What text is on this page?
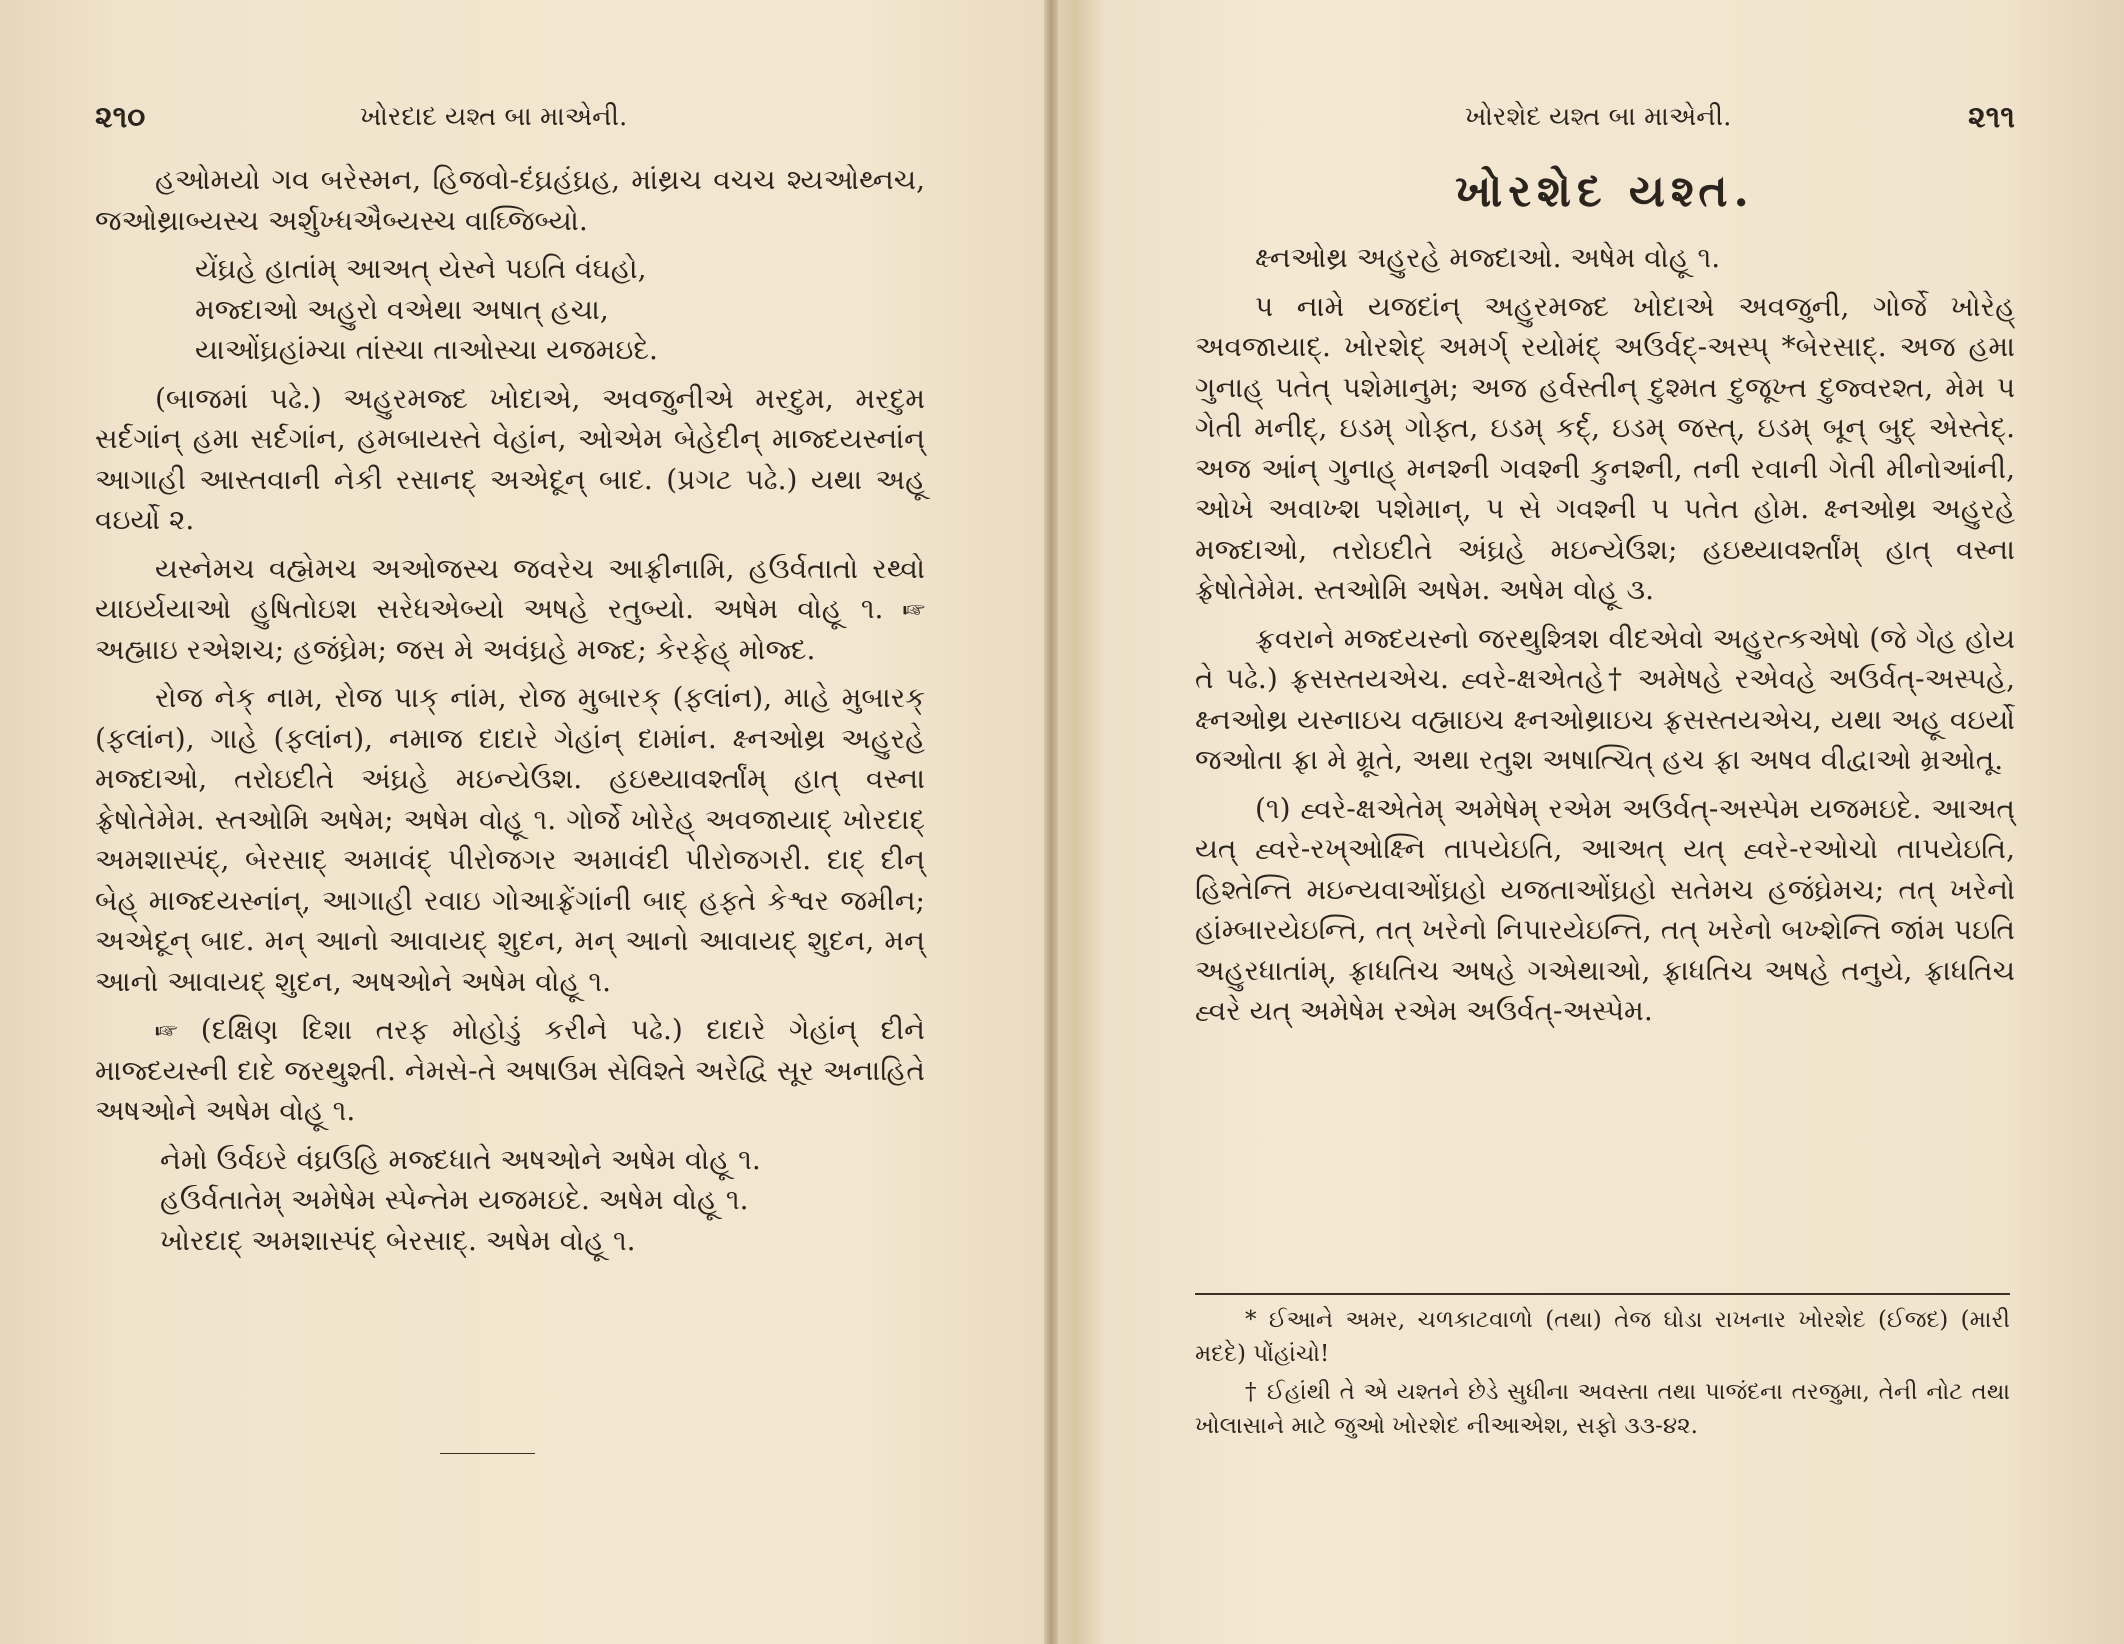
૨૧૦	ખોરદાદ યશ્ત બા માએની.

હઓમયો ગવ બરેસ્મન, હિજવો-દંઘ્રહંઘ્રહ, માંથ્રચ વચચ શ્યઓથ્નચ, જઓથ્રાબ્યસ્ચ અર્શુખ્ધઐબ્યસ્ચ વાઘ્જિબ્યો.

યેંઘ્રહે હાતાંમ્ આઅત્ યેસ્ને પઇતિ વંઘહો,

મજ્દાઓ અહુરો વએથા અષાત્ હચા,

યાઓંઘ્રહાંમ્ચા તાંસ્ચા તાઓસ્ચા યજમઇદે.

(બાજમાં પઢે.) અહુરમજ્દ ખોદાએ, અવજુનીએ મરદુમ, મરદુમ સર્દગાંન્ હમા સર્દગાંન, હમબાયસ્તે વેહાંન, ઓએમ બેહેદીન્ માજ્દયસ્નાંન્ આગાહી આસ્તવાની નેકી રસાનદ્ અએદૂન્ બાદ. (પ્રગટ પઢે.) યથા અહૂ વઇર્યો ૨.

યસ્નેમચ વહ્મેમચ અઓજસ્ચ જવરેચ આફ્રીનામિ, હઉર્વતાતો રથ્વો યાઇર્યયાઓ હુષિતોઇશ સરેધએબ્યો અષહે રતુબ્યો. અષેમ વોહૂ ૧. ☞ અહ્માઇ રએશચ; હજંઘ્રેમ; જસ મે અવંઘ્રહે મજ્દ; કેરફેહ્ મોજ્દ.

રોજ નેક્ નામ, રોજ પાક્ નાંમ, રોજ મુબારક્ (ફલાંન), માહે મુબારક્ (ફલાંન), ગાહે (ફલાંન), નમાજ દાદારે ગેહાંન્ દામાંન. ક્ષ્નઓથ્ર અહુરહે મજ્દાઓ, તરોઇદીતે અંઘ્રહે મઇન્યેઉશ. હઇથ્યાવર્શ્તાંમ્ હાત્ વસ્ના ફ્રેષોતેમેમ. સ્તઓમિ અષેમ; અષેમ વોહૂ ૧. ગોર્જે ખોરેહ્ અવજાયાદ્ ખોરદાદ્ અમશાસ્પંદ્, બેરસાદ્ અમાવંદ્ પીરોજગર અમાવંદી પીરોજગરી. દાદ્ દીન્ બેહ્ માજ્દયસ્નાંન્, આગાહી રવાઇ ગોઆફ્રેંગાંની બાદ્ હફ્તે કેશ્વર જમીન; અએદૂન્ બાદ. મન્ આનો આવાયદ્ શુદન, મન્ આનો આવાયદ્ શુદન, મન્ આનો આવાયદ્ શુદન, અષઓને અષેમ વોહૂ ૧.

☞ (દક્ષિણ દિશા તરફ મોહોડું કરીને પઢે.) દાદારે ગેહાંન્ દીને માજ્દયસ્ની દાદે જરથુશ્તી. નેમસે-તે અષાઉમ સેવિશ્તે અરેદ્વિ સૂર અનાહિતે અષઓને અષેમ વોહૂ ૧.

નેમો ઉર્વઇરે વંઘ્રઉહિ મજ્દધાતે અષઓને અષેમ વોહૂ ૧.

હઉર્વતાતેમ્ અમેષેમ સ્પેન્તેમ યજમઇદે. અષેમ વોહૂ ૧.

ખોરદાદ્ અમશાસ્પંદ્ બેરસાદ્. અષેમ વોહૂ ૧.

ખોરશેદ યશ્ત બા માએની.	૨૧૧
ખોરશેદ યશ્ત.

ક્ષ્નઓથ્ર અહુરહે મજ્દાઓ. અષેમ વોહૂ ૧.

પ નામે યજદાંન્ અહુરમજ્દ ખોદાએ અવજુની, ગોર્જે ખોરેહ્ અવજાયાદ્. ખોરશેદ્ અમર્ગ્ રયોમંદ્ અઉર્વદ્-અસ્પ્ *બેરસાદ્. અજ હમા ગુનાહ્ પતેત્ પશેમાનુમ; અજ હર્વસ્તીન્ દુશ્મત દુજૂખ્ત દુજ્વરશ્ત, મેમ પ ગેતી મનીદ્, ઇડમ્ ગોફ્ત, ઇડમ્ કર્દ્, ઇડમ્ જસ્ત્, ઇડમ્ બૂન્ બુદ્ એસ્તેદ્. અજ આંન્ ગુનાહ્ મનશ્ની ગવશ્ની કુનશ્ની, તની રવાની ગેતી મીનોઆંની, ઓખે અવાખ્શ પશેમાન્, પ સે ગવશ્ની પ પતેત હોમ. ક્ષ્નઓથ્ર અહુરહે મજ્દાઓ, તરોઇદીતે અંઘ્રહે મઇન્યેઉશ; હઇથ્યાવર્શ્તાંમ્ હાત્ વસ્ના ફ્રેષોતેમેમ. સ્તઓમિ અષેમ. અષેમ વોહૂ ૩.

ફ્રવરાને મજ્દયસ્નો જરથુશ્ત્રિશ વીદએવો અહુરત્કએષો (જે ગેહ હોય તે પઢે.) ફ્રસસ્તયએચ. હ્વરે-ક્ષએતહે† અમેષહે રએવહે અઉર્વત્-અસ્પહે, ક્ષ્નઓથ્ર યસ્નાઇચ વહ્માઇચ ક્ષ્નઓથ્રાઇચ ફ્રસસ્તયએચ, યથા અહૂ વઇર્યો જઓતા ફ્રા મે મ્રૂતે, અથા રતુશ અષાત્ચિત્ હચ ફ્રા અષવ વીદ્વાઓ મ્રઓતૂ.

(૧) હ્વરે-ક્ષએતેમ્ અમેષેમ્ રએમ અઉર્વત્-અસ્પેમ યજમઇદે. આઅત્ યત્ હ્વરે-રખ્ઓક્ષ્નિ તાપયેઇતિ, આઅત્ યત્ હ્વરે-રઓચો તાપયેઇતિ, હિશ્તેન્તિ મઇન્યવાઓંઘ્રહો યજતાઓંઘ્રહો સતેમચ હજંઘ્રેમચ; તત્ ખરેનો હાંમ્બારયેઇન્તિ, તત્ ખરેનો નિપારયેઇન્તિ, તત્ ખરેનો બખ્શેન્તિ જાંમ પઇતિ અહુરધાતાંમ્, ફ્રાધતિચ અષહે ગએથાઓ, ફ્રાધતિચ અષહે તનુયે, ફ્રાધતિચ હ્વરે યત્ અમેષેમ રએમ અઉર્વત્-અસ્પેમ.

* ઈઆને અમર, ચળકાટવાળો (તથા) તેજ ઘોડા રાખનાર ખોરશેદ (ઈજદ) (મારી મદદે) પોંહાંચો!

† ઈહાંથી તે એ યશ્તને છેડે સુધીના અવસ્તા તથા પાજંદના તરજુમા, તેની નોટ તથા ખોલાસાને માટે જુઓ ખોરશેદ નીઆએશ, સફો ૩૩-૪૨.
